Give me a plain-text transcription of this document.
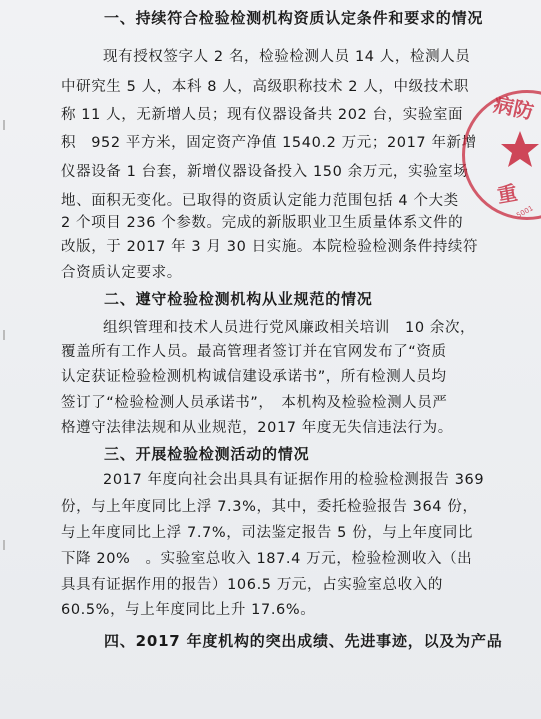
一、持续符合检验检测机构资质认定条件和要求的情况
现有授权签字人 2 名，检验检测人员 14 人，检测人员
中研究生 5 人，本科 8 人，高级职称技术 2 人，中级技术职
称 11 人，无新增人员；现有仪器设备共 202 台，实验室面
积　952 平方米，固定资产净值 1540.2 万元；2017 年新增
仪器设备 1 台套，新增仪器设备投入 150 余万元，实验室场
地、面积无变化。已取得的资质认定能力范围包括 4 个大类
2 个项目 236 个参数。完成的新版职业卫生质量体系文件的
改版，于 2017 年 3 月 30 日实施。本院检验检测条件持续符
合资质认定要求。
二、遵守检验检测机构从业规范的情况
组织管理和技术人员进行党风廉政相关培训　10 余次，
覆盖所有工作人员。最高管理者签订并在官网发布了“资质
认定获证检验检测机构诚信建设承诺书”，所有检测人员均
签订了“检验检测人员承诺书”，　本机构及检验检测人员严
格遵守法律法规和从业规范，2017 年度无失信违法行为。
三、开展检验检测活动的情况
2017 年度向社会出具具有证据作用的检验检测报告 369
份，与上年度同比上浮 7.3%，其中，委托检验报告 364 份，
与上年度同比上浮 7.7%，司法鉴定报告 5 份，与上年度同比
下降 20%　。实验室总收入 187.4 万元，检验检测收入（出
具具有证据作用的报告）106.5 万元，占实验室总收入的
60.5%，与上年度同比上升 17.6%。
四、2017 年度机构的突出成绩、先进事迹，以及为产品
病防
重
5001
